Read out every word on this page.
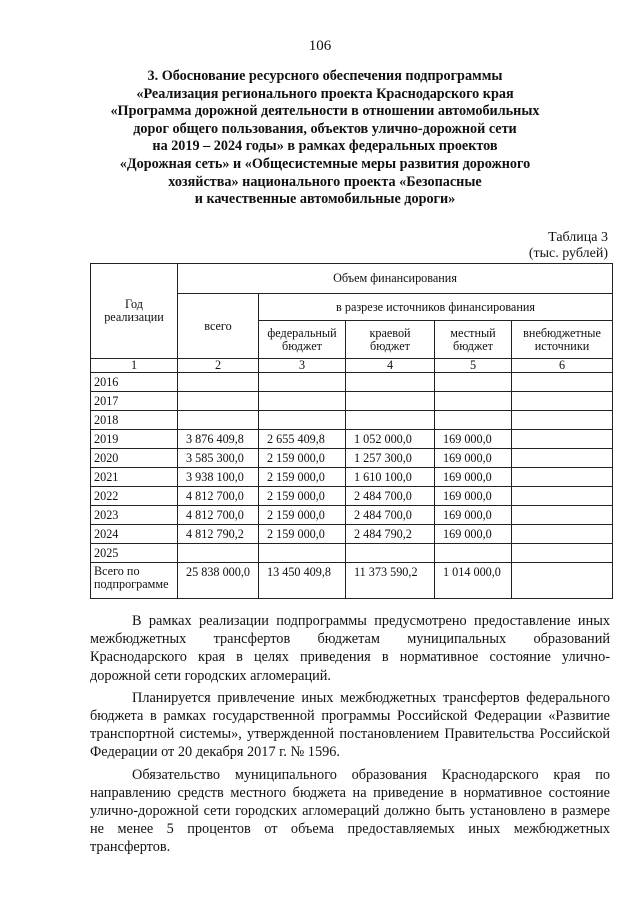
106
3. Обоснование ресурсного обеспечения подпрограммы
«Реализация регионального проекта Краснодарского края
«Программа дорожной деятельности в отношении автомобильных
дорог общего пользования, объектов улично-дорожной сети
на 2019 – 2024 годы» в рамках федеральных проектов
«Дорожная сеть» и «Общесистемные меры развития дорожного
хозяйства» национального проекта «Безопасные
и качественные автомобильные дороги»
Таблица 3
(тыс. рублей)
Год реализации	Объем финансирования				
	всего	в разрезе источников финансирования			
		федеральный бюджет	краевой бюджет	местный бюджет	внебюджетные источники
1	2	3	4	5	6
2016					
2017					
2018					
2019	3 876 409,8	2 655 409,8	1 052 000,0	169 000,0	
2020	3 585 300,0	2 159 000,0	1 257 300,0	169 000,0	
2021	3 938 100,0	2 159 000,0	1 610 100,0	169 000,0	
2022	4 812 700,0	2 159 000,0	2 484 700,0	169 000,0	
2023	4 812 700,0	2 159 000,0	2 484 700,0	169 000,0	
2024	4 812 790,2	2 159 000,0	2 484 790,2	169 000,0	
2025					

Всего по
подпрограмме	25 838 000,0	13 450 409,8	11 373 590,2	1 014 000,0	

В рамках реализации подпрограммы предусмотрено предоставление иных межбюджетных трансфертов бюджетам муниципальных образований Краснодарского края в целях приведения в нормативное состояние улично-дорожной сети городских агломераций.

Планируется привлечение иных межбюджетных трансфертов федерального бюджета в рамках государственной программы Российской Федерации «Развитие транспортной системы», утвержденной постановлением Правительства Российской Федерации от 20 декабря 2017 г. № 1596.

Обязательство муниципального образования Краснодарского края по направлению средств местного бюджета на приведение в нормативное состояние улично-дорожной сети городских агломераций должно быть установлено в размере не менее 5 процентов от объема предоставляемых иных межбюджетных трансфертов.
